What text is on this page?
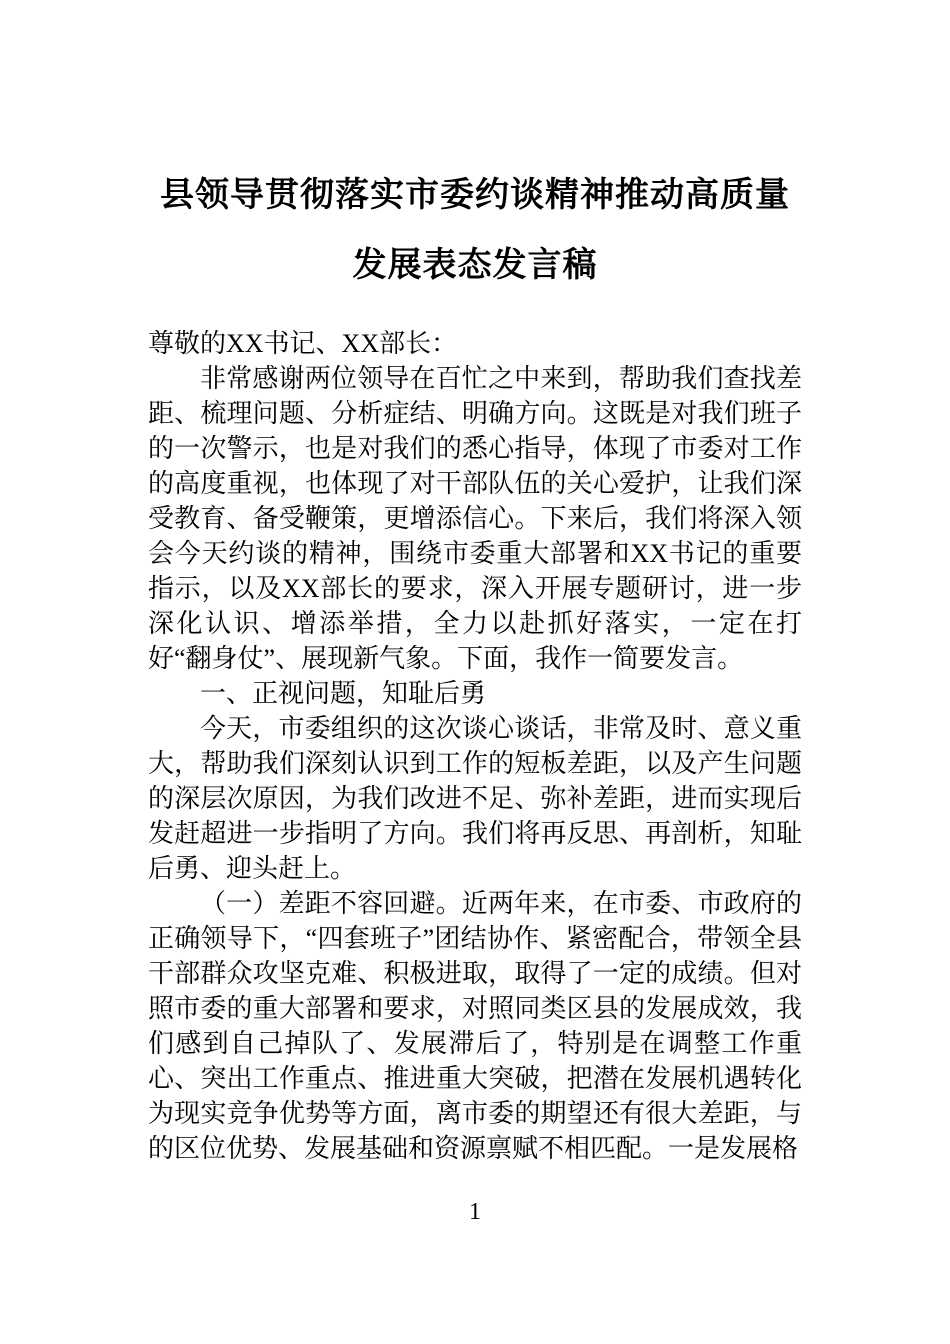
县领导贯彻落实市委约谈精神推动高质量
发展表态发言稿

尊敬的XX书记、XX部长：

非常感谢两位领导在百忙之中来到，帮助我们查找差距、梳理问题、分析症结、明确方向。这既是对我们班子的一次警示，也是对我们的悉心指导，体现了市委对工作的高度重视，也体现了对干部队伍的关心爱护，让我们深受教育、备受鞭策，更增添信心。下来后，我们将深入领会今天约谈的精神，围绕市委重大部署和XX书记的重要指示，以及XX部长的要求，深入开展专题研讨，进一步深化认识、增添举措，全力以赴抓好落实，一定在打好“翻身仗”、展现新气象。下面，我作一简要发言。

一、正视问题，知耻后勇

今天，市委组织的这次谈心谈话，非常及时、意义重大，帮助我们深刻认识到工作的短板差距，以及产生问题的深层次原因，为我们改进不足、弥补差距，进而实现后发赶超进一步指明了方向。我们将再反思、再剖析，知耻后勇、迎头赶上。

（一）差距不容回避。近两年来，在市委、市政府的正确领导下，“四套班子”团结协作、紧密配合，带领全县干部群众攻坚克难、积极进取，取得了一定的成绩。但对照市委的重大部署和要求，对照同类区县的发展成效，我们感到自己掉队了、发展滞后了，特别是在调整工作重心、突出工作重点、推进重大突破，把潜在发展机遇转化为现实竞争优势等方面，离市委的期望还有很大差距，与的区位优势、发展基础和资源禀赋不相匹配。一是发展格

1
